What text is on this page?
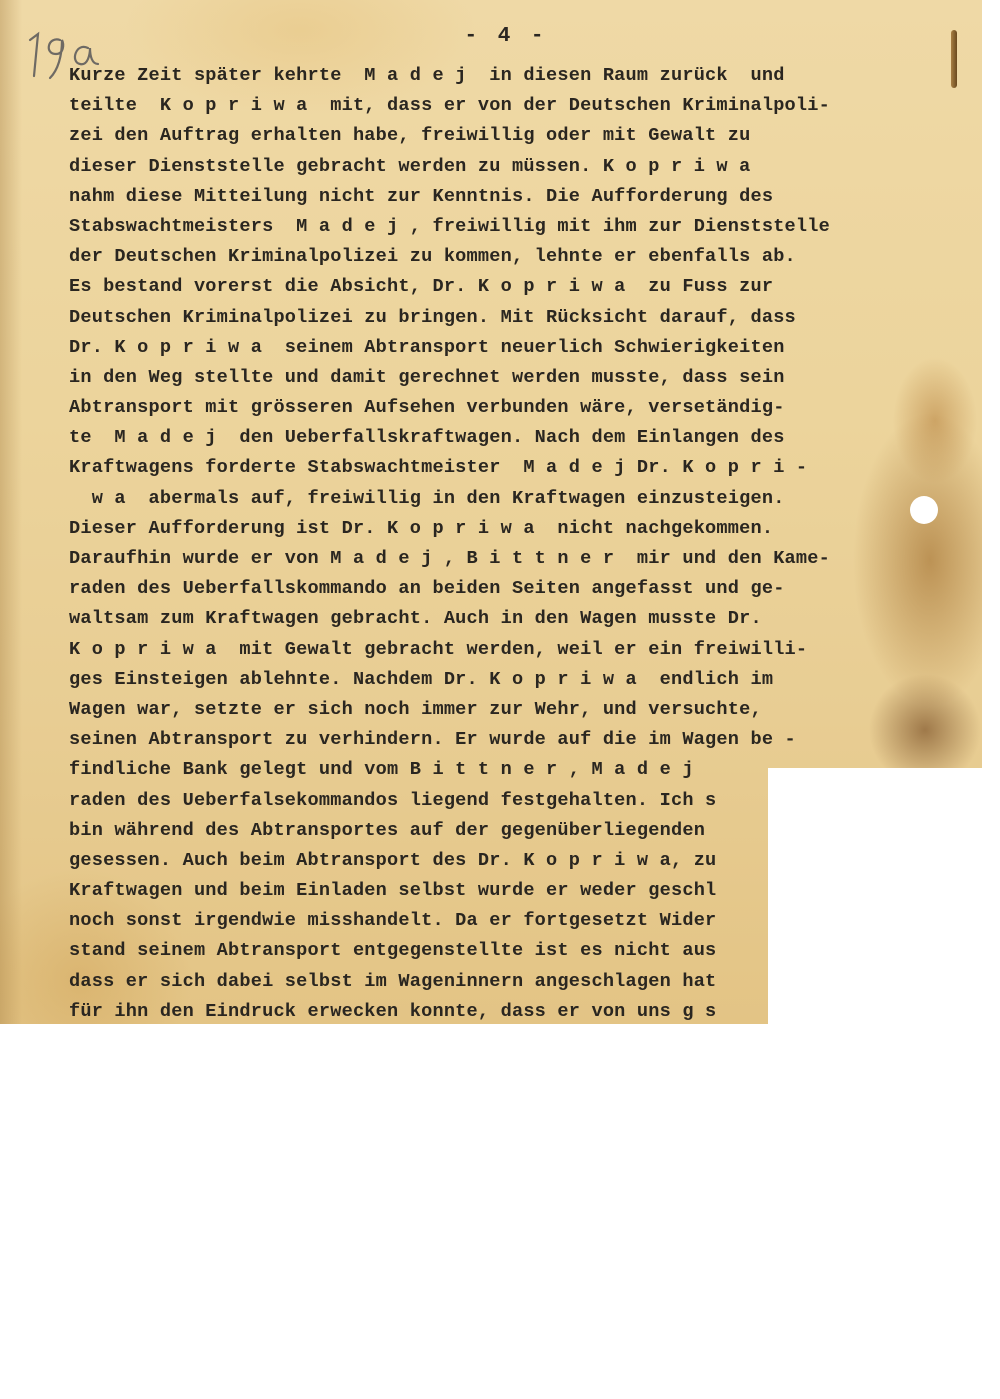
- 4 -
Kurze Zeit später kehrte  M a d e j  in diesen Raum zurück  und
teilte  K o p r i w a  mit, dass er von der Deutschen Kriminalpoli-
zei den Auftrag erhalten habe, freiwillig oder mit Gewalt zu
dieser Dienststelle gebracht werden zu müssen. K o p r i w a
nahm diese Mitteilung nicht zur Kenntnis. Die Aufforderung des
Stabswachtmeisters  M a d e j , freiwillig mit ihm zur Dienststelle
der Deutschen Kriminalpolizei zu kommen, lehnte er ebenfalls ab.
Es bestand vorerst die Absicht, Dr. K o p r i w a  zu Fuss zur
Deutschen Kriminalpolizei zu bringen. Mit Rücksicht darauf, dass
Dr. K o p r i w a  seinem Abtransport neuerlich Schwierigkeiten
in den Weg stellte und damit gerechnet werden musste, dass sein
Abtransport mit grösseren Aufsehen verbunden wäre, versetändig-
te  M a d e j  den Ueberfallskraftwagen. Nach dem Einlangen des
Kraftwagens forderte Stabswachtmeister  M a d e j Dr. K o p r i -
w a  abermals auf, freiwillig in den Kraftwagen einzusteigen.
Dieser Aufforderung ist Dr. K o p r i w a  nicht nachgekommen.
Daraufhin wurde er von M a d e j , B i t t n e r  mir und den Kame-
raden des Ueberfallskommando an beiden Seiten angefasst und ge-
waltsam zum Kraftwagen gebracht. Auch in den Wagen musste Dr.
K o p r i w a  mit Gewalt gebracht werden, weil er ein freiwilli-
ges Einsteigen ablehnte. Nachdem Dr. K o p r i w a  endlich im
Wagen war, setzte er sich noch immer zur Wehr, und versuchte,
seinen Abtransport zu verhindern. Er wurde auf die im Wagen be -
findliche Bank gelegt und vom B i t t n e r , M a d e j
raden des Ueberfalsekommandos liegend festgehalten. Ich s
bin während des Abtransportes auf der gegenüberliegenden
gesessen. Auch beim Abtransport des Dr. K o p r i w a, zu
Kraftwagen und beim Einladen selbst wurde er weder geschl
noch sonst irgendwie misshandelt. Da er fortgesetzt Wider
stand seinem Abtransport entgegenstellte ist es nicht aus
dass er sich dabei selbst im Wageninnern angeschlagen hat
für ihn den Eindruck erwecken konnte, dass er von uns g s
